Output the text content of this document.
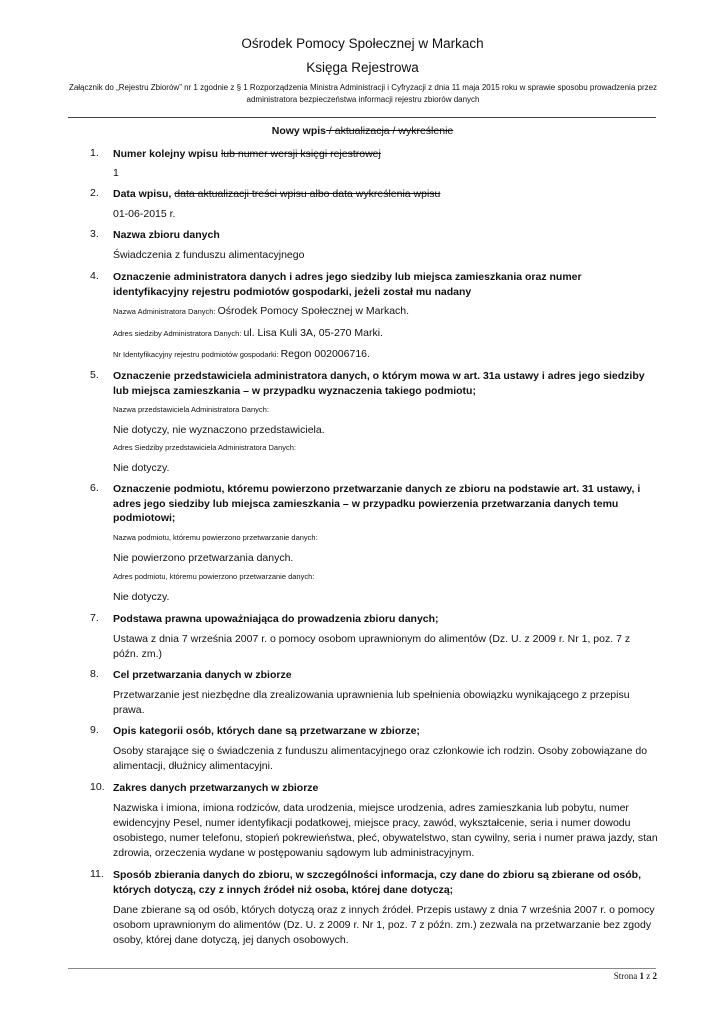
Ośrodek Pomocy Społecznej w Markach
Księga Rejestrowa
Załącznik do „Rejestru Zbiorów” nr 1 zgodnie z § 1 Rozporządzenia Ministra Administracji i Cyfryzacji z dnia 11 maja 2015 roku w sprawie sposobu prowadzenia przez administratora bezpieczeństwa informacji rejestru zbiorów danych
Nowy wpis / aktualizacja / wykreślenie
1. Numer kolejny wpisu lub numer wersji księgi rejestrowej
1
2. Data wpisu, data aktualizacji treści wpisu albo data wykreślenia wpisu
01-06-2015 r.
3. Nazwa zbioru danych
Świadczenia z funduszu alimentacyjnego
4. Oznaczenie administratora danych i adres jego siedziby lub miejsca zamieszkania oraz numer identyfikacyjny rejestru podmiotów gospodarki, jeżeli został mu nadany
Nazwa Administratora Danych: Ośrodek Pomocy Społecznej w Markach.
Adres siedziby Administratora Danych: ul. Lisa Kuli 3A, 05-270 Marki.
Nr Identyfikacyjny rejestru podmiotów gospodarki: Regon 002006716.
5. Oznaczenie przedstawiciela administratora danych, o którym mowa w art. 31a ustawy i adres jego siedziby lub miejsca zamieszkania – w przypadku wyznaczenia takiego podmiotu;
Nazwa przedstawiciela Administratora Danych:
Nie dotyczy, nie wyznaczono przedstawiciela.
Adres Siedziby przedstawiciela Administratora Danych:
Nie dotyczy.
6. Oznaczenie podmiotu, któremu powierzono przetwarzanie danych ze zbioru na podstawie art. 31 ustawy, i adres jego siedziby lub miejsca zamieszkania – w przypadku powierzenia przetwarzania danych temu podmiotowi;
Nazwa podmiotu, któremu powierzono przetwarzanie danych:
Nie powierzono przetwarzania danych.
Adres podmiotu, któremu powierzono przetwarzanie danych:
Nie dotyczy.
7. Podstawa prawna upoważniająca do prowadzenia zbioru danych;
Ustawa z dnia 7 września 2007 r. o pomocy osobom uprawnionym do alimentów (Dz. U. z 2009 r. Nr 1, poz. 7 z późn. zm.)
8. Cel przetwarzania danych w zbiorze
Przetwarzanie jest niezbędne dla zrealizowania uprawnienia lub spełnienia obowiązku wynikającego z przepisu prawa.
9. Opis kategorii osób, których dane są przetwarzane w zbiorze;
Osoby starające się o świadczenia z funduszu alimentacyjnego oraz członkowie ich rodzin. Osoby zobowiązane do alimentacji, dłużnicy alimentacyjni.
10. Zakres danych przetwarzanych w zbiorze
Nazwiska i imiona, imiona rodziców, data urodzenia, miejsce urodzenia, adres zamieszkania lub pobytu, numer ewidencyjny Pesel, numer identyfikacji podatkowej, miejsce pracy, zawód, wykształcenie, seria i numer dowodu osobistego, numer telefonu, stopień pokrewieństwa, płeć, obywatelstwo, stan cywilny, seria i numer prawa jazdy, stan zdrowia, orzeczenia wydane w postępowaniu sądowym lub administracyjnym.
11. Sposób zbierania danych do zbioru, w szczególności informacja, czy dane do zbioru są zbierane od osób, których dotyczą, czy z innych źródeł niż osoba, której dane dotyczą;
Dane zbierane są od osób, których dotyczą oraz z innych źródeł. Przepis ustawy z dnia 7 września 2007 r. o pomocy osobom uprawnionym do alimentów (Dz. U. z 2009 r. Nr 1, poz. 7 z późn. zm.) zezwala na przetwarzanie bez zgody osoby, której dane dotyczą, jej danych osobowych.
Strona 1 z 2
